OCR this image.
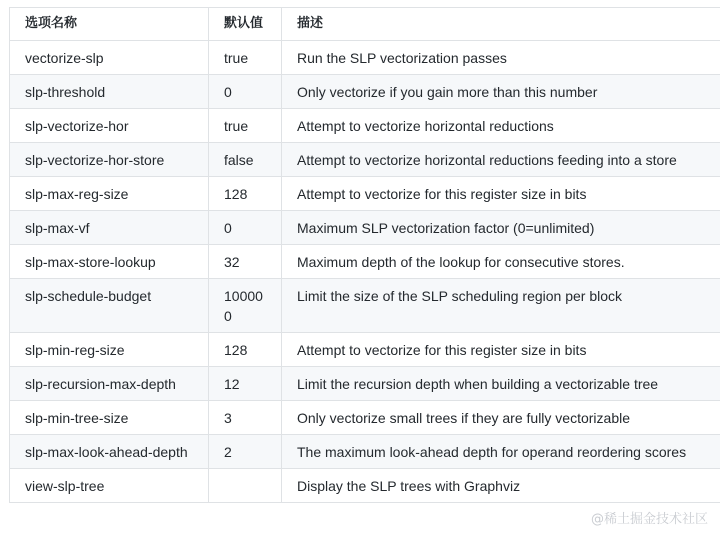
选项名称	默认值	描述
vectorize-slp	true	Run the SLP vectorization passes
slp-threshold	0	Only vectorize if you gain more than this number
slp-vectorize-hor	true	Attempt to vectorize horizontal reductions
slp-vectorize-hor-store	false	Attempt to vectorize horizontal reductions feeding into a store
slp-max-reg-size	128	Attempt to vectorize for this register size in bits
slp-max-vf	0	Maximum SLP vectorization factor (0=unlimited)
slp-max-store-lookup	32	Maximum depth of the lookup for consecutive stores.
slp-schedule-budget	100000	Limit the size of the SLP scheduling region per block
slp-min-reg-size	128	Attempt to vectorize for this register size in bits
slp-recursion-max-depth	12	Limit the recursion depth when building a vectorizable tree
slp-min-tree-size	3	Only vectorize small trees if they are fully vectorizable
slp-max-look-ahead-depth	2	The maximum look-ahead depth for operand reordering scores
view-slp-tree		Display the SLP trees with Graphviz
@稀土掘金技术社区
